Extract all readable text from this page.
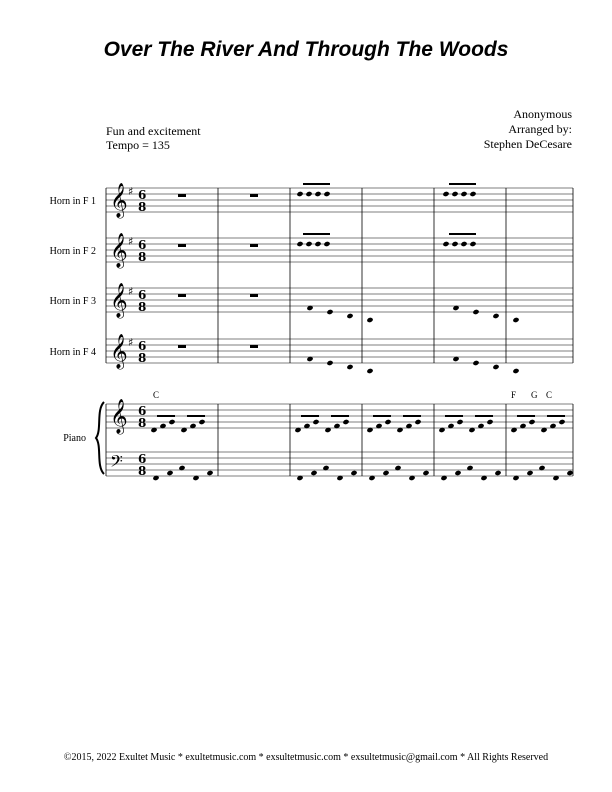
Over The River And Through The Woods
Anonymous
Arranged by:
Stephen DeCesare
Fun and excitement
Tempo = 135
Horn in F 1
Horn in F 2
Horn in F 3
Horn in F 4
Piano
C	F G C
𝄞 ♯ 6
8
𝄞 ♯ 6
8
𝄞 ♯ 6
8
𝄞 ♯ 6
8
𝄞 6
8
𝄢 6
8
©2015, 2022 Exultet Music * exultetmusic.com * exsultetmusic.com * exsultetmusic@gmail.com * All Rights Reserved
